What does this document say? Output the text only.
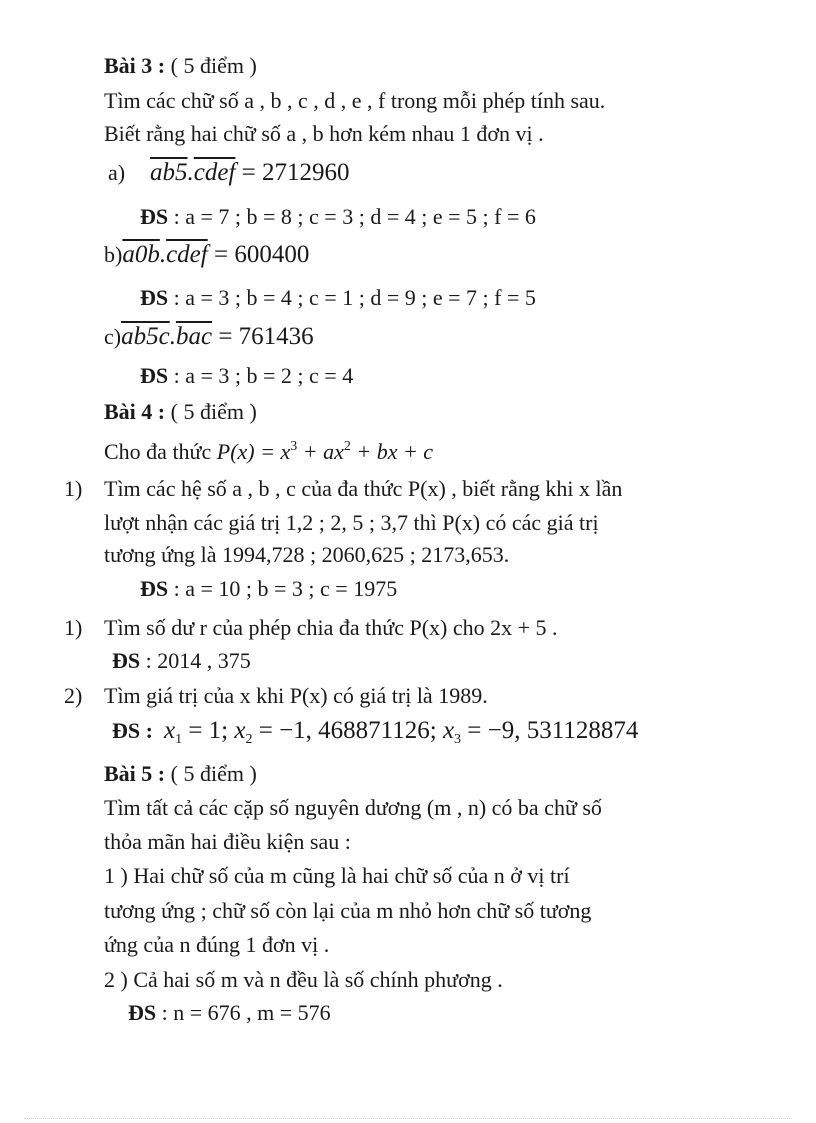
Bài 3 : ( 5 điểm )
Tìm các chữ số a , b , c , d , e , f trong mỗi phép tính sau.
Biết rằng hai chữ số a , b hơn kém nhau 1 đơn vị .
a) ab5.cdef = 2712960
ĐS : a = 7 ; b = 8 ; c = 3 ; d = 4 ; e = 5 ; f = 6
b)a0b.cdef = 600400
ĐS : a = 3 ; b = 4 ; c = 1 ; d = 9 ; e = 7 ; f = 5
$c)ab5c.\overline{bac} = 761436$
ĐS : a = 3 ; b = 2 ; c = 4
Bài 4 : ( 5 điểm )
Cho đa thức $P(x) = x^3 + ax^2$ + bx + c
1) Tìm các hệ số a , b , c của đa thức P(x) , biết rằng khi x lần
lượt nhận các giá trị 1,2 ; 2, 5 ; 3,7 thì P(x) có các giá trị
tương ứng là 1994,728 ; 2060,625 ; 2173,653.
ĐS : a = 10 ; b = 3 ; c = 1975
1) Tìm số dư r của phép chia đa thức P(x) cho 2x + 5 .
ĐS : 2014 , 375
2) Tìm giá trị của x khi P(x) có giá trị là 1989.
ĐS : $x_1 = 1$; $x_2 = -1$, 468871126; $x_3 = -9$, 531128874
Bài 5 : ( 5 điểm )
Tìm tất cả các cặp số nguyên dương (m , n) có ba chữ số
thỏa mãn hai điều kiện sau :
1 ) Hai chữ số của m cũng là hai chữ số của n ở vị trí
tương ứng ; chữ số còn lại của m nhỏ hơn chữ số tương
ứng của n đúng 1 đơn vị .
2 ) Cả hai số m và n đều là số chính phương .
ĐS : n = 676 , m = 576
